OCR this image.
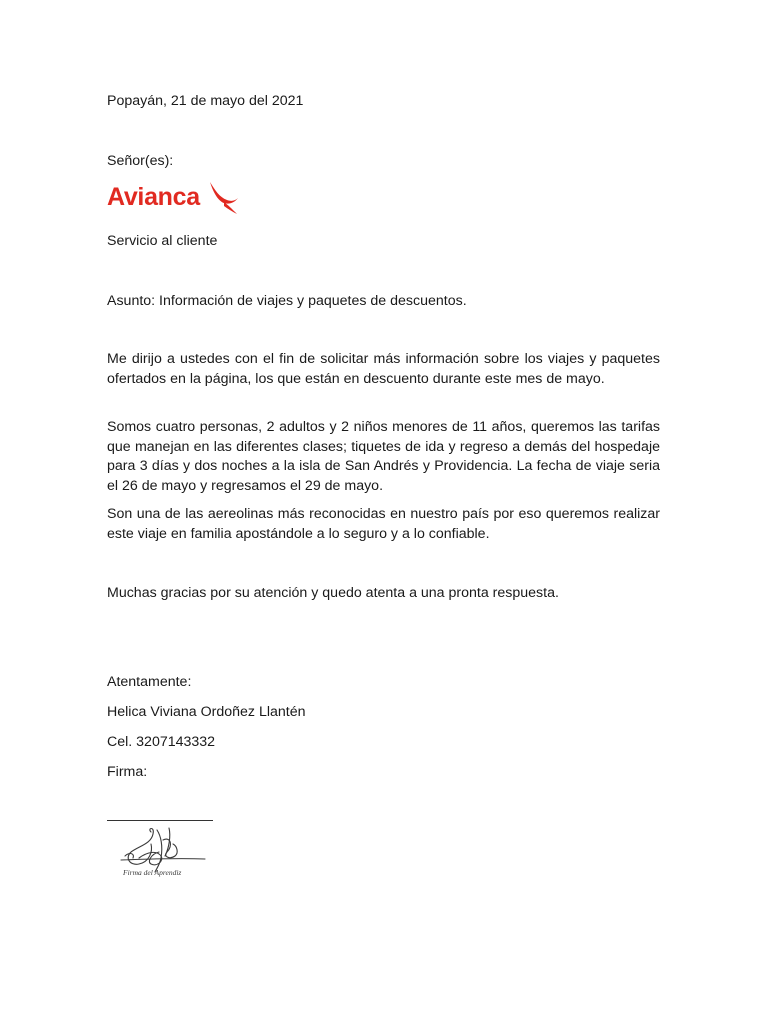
Popayán, 21 de mayo del 2021
Señor(es):
Avianca
Servicio al cliente
Asunto: Información de viajes y paquetes de descuentos.
Me dirijo a ustedes con el fin de solicitar más información sobre los viajes y paquetes ofertados en la página, los que están en descuento durante este mes de mayo.
Somos cuatro personas, 2 adultos y 2 niños menores de 11 años, queremos las tarifas que manejan en las diferentes clases; tiquetes de ida y regreso a demás del hospedaje para 3 días y dos noches a la isla de San Andrés y Providencia. La fecha de viaje seria el 26 de mayo y regresamos el 29 de mayo.
Son una de las aereolinas más reconocidas en nuestro país por eso queremos realizar este viaje en familia apostándole a lo seguro y a lo confiable.
Muchas gracias por su atención y quedo atenta a una pronta respuesta.
Atentamente:
Helica Viviana Ordoñez Llantén
Cel. 3207143332
Firma:
Firma del Aprendiz
